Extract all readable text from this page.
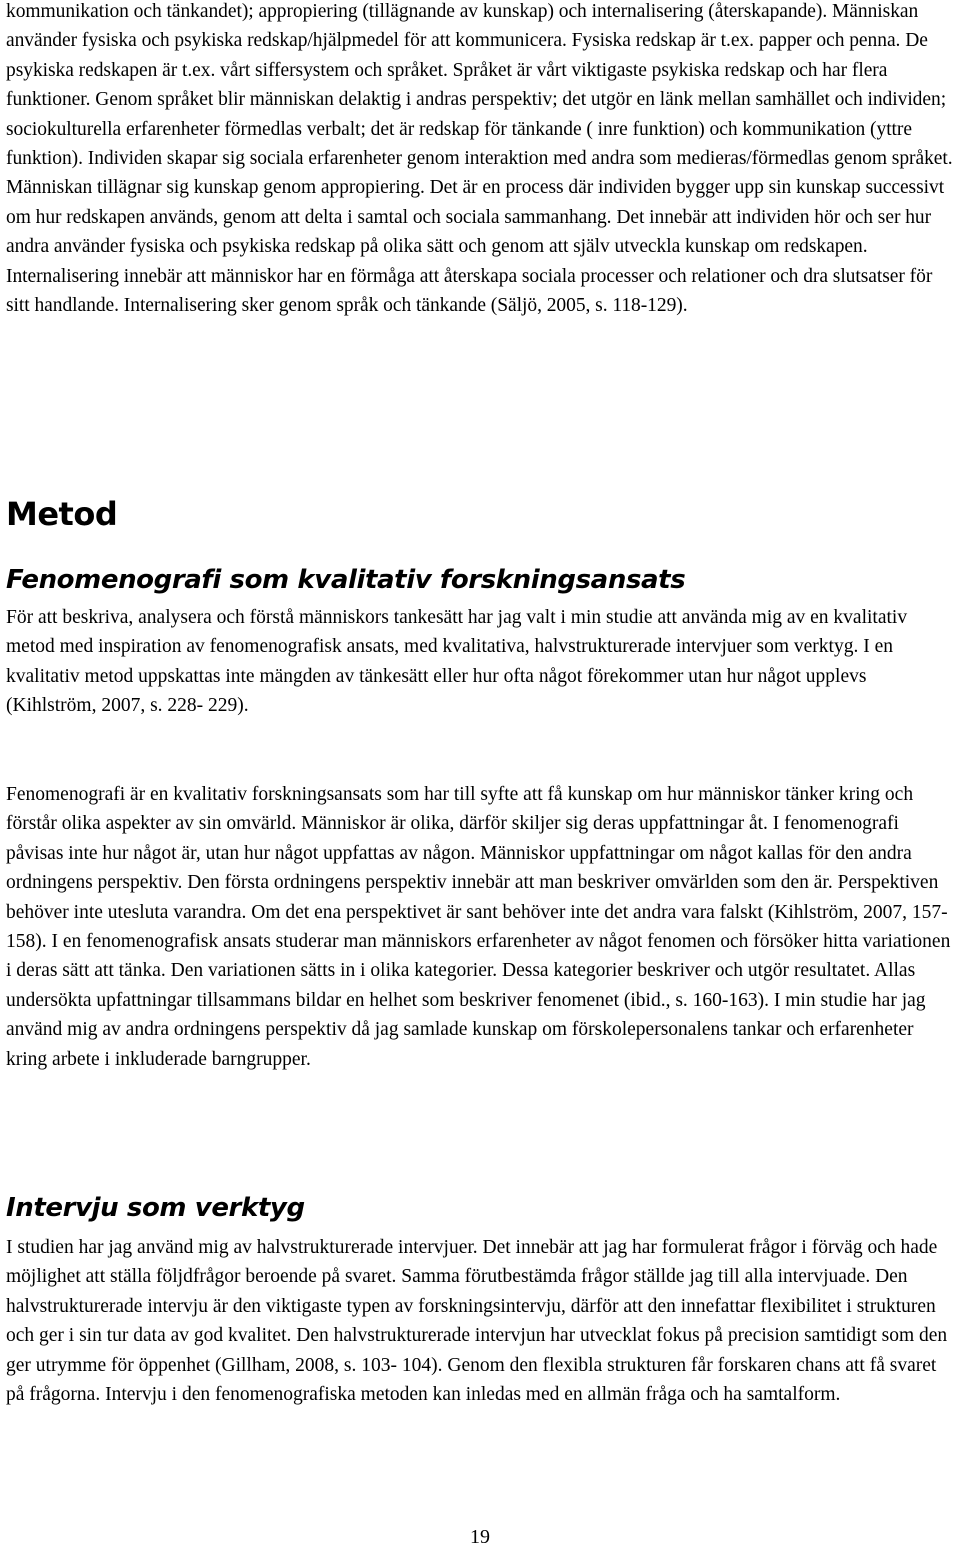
kommunikation och tänkandet); appropiering (tillägnande av kunskap) och internalisering (återskapande). Människan använder fysiska och psykiska redskap/hjälpmedel för att kommunicera. Fysiska redskap är t.ex. papper och penna. De psykiska redskapen är t.ex. vårt siffersystem och språket. Språket är vårt viktigaste psykiska redskap och har flera funktioner. Genom språket blir människan delaktig i andras perspektiv; det utgör en länk mellan samhället och individen; sociokulturella erfarenheter förmedlas verbalt; det är redskap för tänkande ( inre funktion) och kommunikation (yttre funktion). Individen skapar sig sociala erfarenheter genom interaktion med andra som medieras/förmedlas genom språket. Människan tillägnar sig kunskap genom appropiering. Det är en process där individen bygger upp sin kunskap successivt om hur redskapen används, genom att delta i samtal och sociala sammanhang. Det innebär att individen hör och ser hur andra använder fysiska och psykiska redskap på olika sätt och genom att själv utveckla kunskap om redskapen. Internalisering innebär att människor har en förmåga att återskapa sociala processer och relationer och dra slutsatser för sitt handlande. Internalisering sker genom språk och tänkande (Säljö, 2005, s. 118-129).

Metod
Fenomenografi som kvalitativ forskningsansats

För att beskriva, analysera och förstå människors tankesätt har jag valt i min studie att använda mig av en kvalitativ metod med inspiration av fenomenografisk ansats, med kvalitativa, halvstrukturerade intervjuer som verktyg. I en kvalitativ metod uppskattas inte mängden av tänkesätt eller hur ofta något förekommer utan hur något upplevs (Kihlström, 2007, s. 228- 229).

Fenomenografi är en kvalitativ forskningsansats som har till syfte att få kunskap om hur människor tänker kring och förstår olika aspekter av sin omvärld. Människor är olika, därför skiljer sig deras uppfattningar åt. I fenomenografi påvisas inte hur något är, utan hur något uppfattas av någon. Människor uppfattningar om något kallas för den andra ordningens perspektiv. Den första ordningens perspektiv innebär att man beskriver omvärlden som den är. Perspektiven behöver inte utesluta varandra. Om det ena perspektivet är sant behöver inte det andra vara falskt (Kihlström, 2007, 157-158). I en fenomenografisk ansats studerar man människors erfarenheter av något fenomen och försöker hitta variationen i deras sätt att tänka. Den variationen sätts in i olika kategorier. Dessa kategorier beskriver och utgör resultatet. Allas undersökta upfattningar tillsammans bildar en helhet som beskriver fenomenet (ibid., s. 160-163). I min studie har jag använd mig av andra ordningens perspektiv då jag samlade kunskap om förskolepersonalens tankar och erfarenheter kring arbete i inkluderade barngrupper.

Intervju som verktyg

I studien har jag använd mig av halvstrukturerade intervjuer. Det innebär att jag har formulerat frågor i förväg och hade möjlighet att ställa följdfrågor beroende på svaret. Samma förutbestämda frågor ställde jag till alla intervjuade. Den halvstrukturerade intervju är den viktigaste typen av forskningsintervju, därför att den innefattar flexibilitet i strukturen och ger i sin tur data av god kvalitet. Den halvstrukturerade intervjun har utvecklat fokus på precision samtidigt som den ger utrymme för öppenhet (Gillham, 2008, s. 103- 104). Genom den flexibla strukturen får forskaren chans att få svaret på frågorna. Intervju i den fenomenografiska metoden kan inledas med en allmän fråga och ha samtalform.

19
